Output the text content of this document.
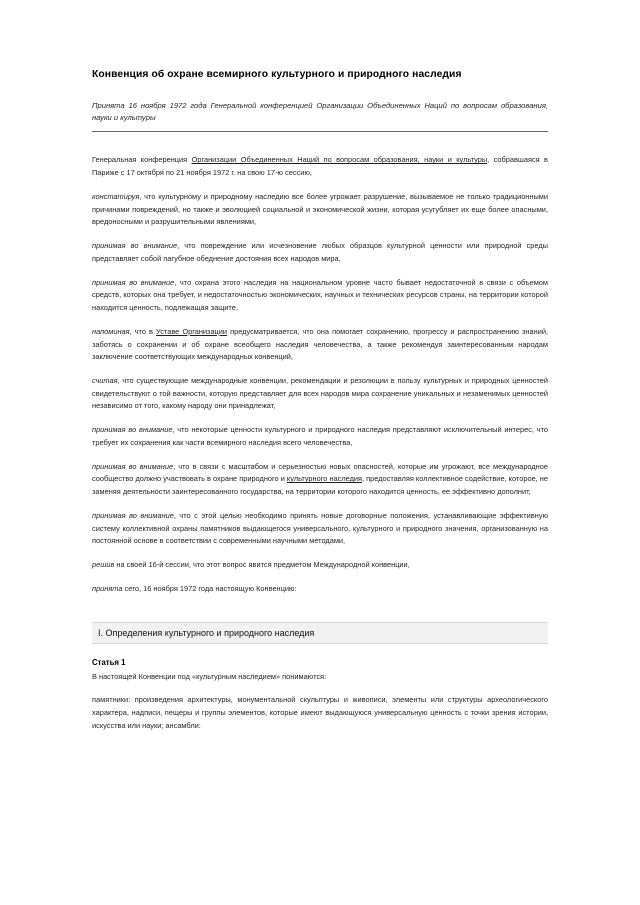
Конвенция об охране всемирного культурного и природного наследия
Принята 16 ноября 1972 года Генеральной конференцией Организации Объединенных Наций по вопросам образования, науки и культуры

Генеральная конференция Организации Объединенных Наций по вопросам образования, науки и культуры, собравшаяся в Париже с 17 октября по 21 ноября 1972 г. на свою 17-ю сессию,

констатируя, что культурному и природному наследию все более угрожает разрушение, вызываемое не только традиционными причинами повреждений, но также и эволюцией социальной и экономической жизни, которая усугубляет их еще более опасными, вредоносными и разрушительными явлениями,

принимая во внимание, что повреждение или исчезновение любых образцов культурной ценности или природной среды представляет собой пагубное обеднение достояния всех народов мира,

принимая во внимание, что охрана этого наследия на национальном уровне часто бывает недостаточной в связи с объемом средств, которых она требует, и недостаточностью экономических, научных и технических ресурсов страны, на территории которой находится ценность, подлежащая защите,

напоминая, что в Уставе Организации предусматривается, что она помогает сохранению, прогрессу и распространению знаний, заботясь о сохранении и об охране всеобщего наследия человечества, а также рекомендуя заинтересованным народам заключение соответствующих международных конвенций,

считая, что существующие международные конвенции, рекомендации и резолюции в пользу культурных и природных ценностей свидетельствуют о той важности, которую представляет для всех народов мира сохранение уникальных и незаменимых ценностей независимо от того, какому народу они принадлежат,

принимая во внимание, что некоторые ценности культурного и природного наследия представляют исключительный интерес, что требует их сохранения как части всемирного наследия всего человечества,

принимая во внимание, что в связи с масштабом и серьезностью новых опасностей, которые им угрожают, все международное сообщество должно участвовать в охране природного и культурного наследия, предоставляя коллективное содействие, которое, не заменяя деятельности заинтересованного государства, на территории которого находится ценность, ее эффективно дополнит,

принимая во внимание, что с этой целью необходимо принять новые договорные положения, устанавливающие эффективную систему коллективной охраны памятников выдающегося универсального, культурного и природного значения, организованную на постоянной основе в соответствии с современными научными методами,

решив на своей 16-й сессии, что этот вопрос явится предметом Международной конвенции,

принята сего, 16 ноября 1972 года настоящую Конвенцию:

I. Определения культурного и природного наследия
Статья 1

В настоящей Конвенции под «культурным наследием» понимаются:

памятники: произведения архитектуры, монументальной скульптуры и живописи, элементы или структуры археологического характера, надписи, пещеры и группы элементов, которые имеют выдающуюся универсальную ценность с точки зрения истории, искусства или науки; ансамбли:
